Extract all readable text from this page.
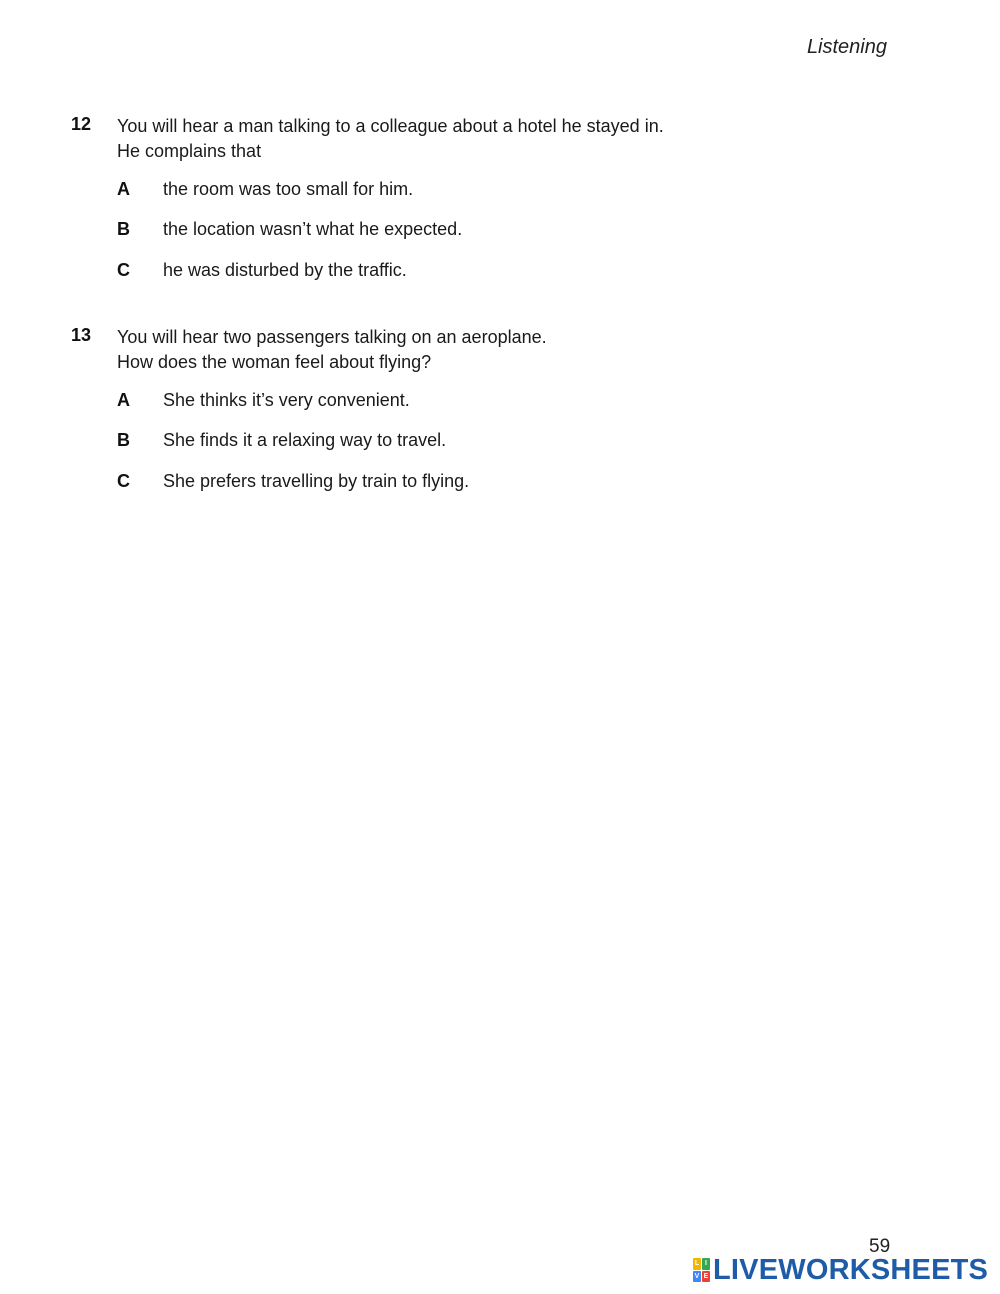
Listening
12 You will hear a man talking to a colleague about a hotel he stayed in.
He complains that
A the room was too small for him.
B the location wasn’t what he expected.
C he was disturbed by the traffic.
13 You will hear two passengers talking on an aeroplane.
How does the woman feel about flying?
A She thinks it’s very convenient.
B She finds it a relaxing way to travel.
C She prefers travelling by train to flying.
59
L I
V E LIVEWORKSHEETS
